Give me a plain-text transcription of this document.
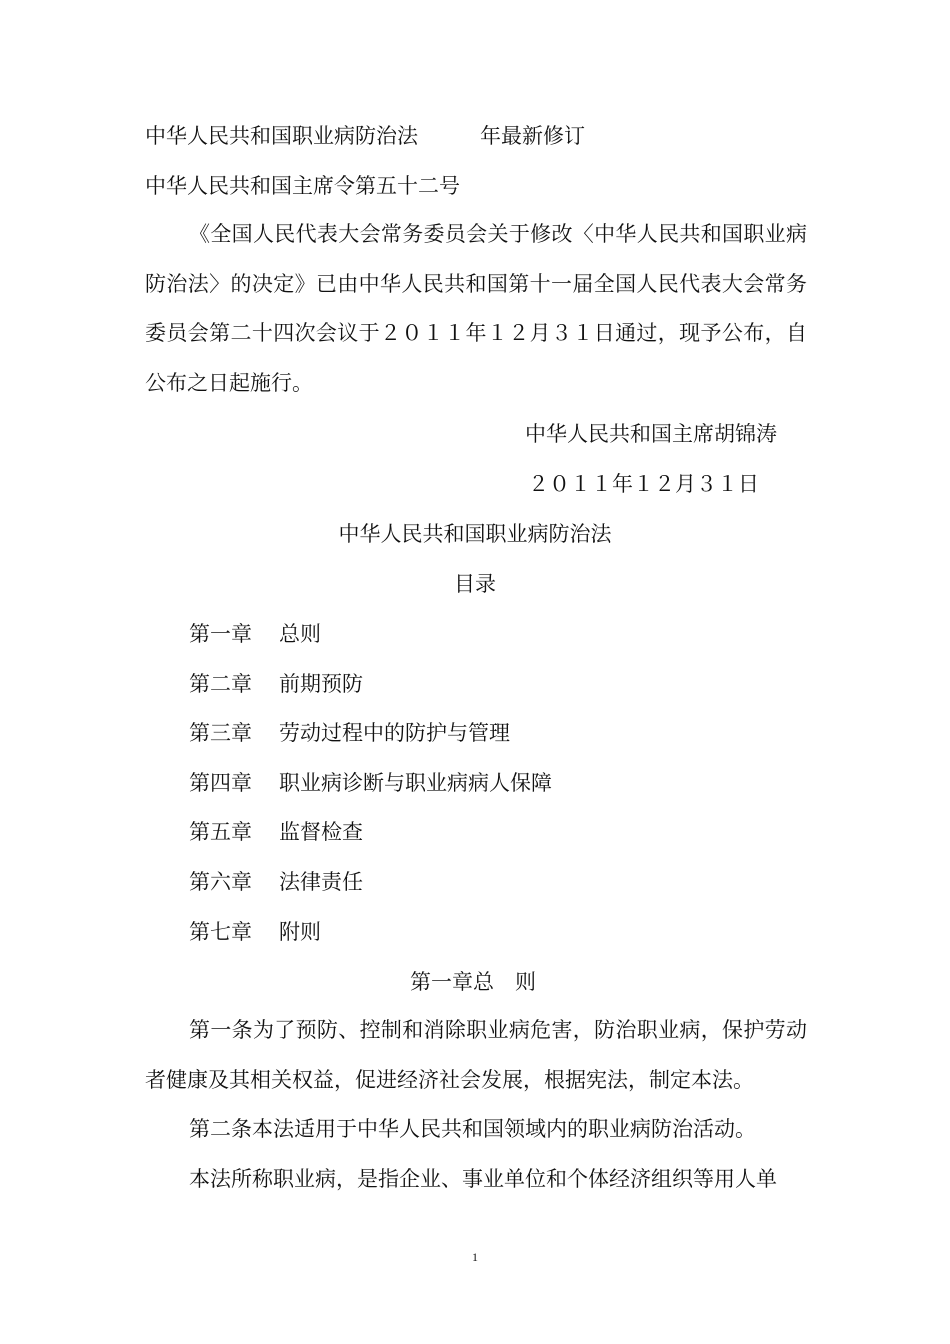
中华人民共和国职业病防治法	年最新修订
中华人民共和国主席令第五十二号

《全国人民代表大会常务委员会关于修改〈中华人民共和国职业病防治法〉的决定》已由中华人民共和国第十一届全国人民代表大会常务委员会第二十四次会议于２０１１年１２月３１日通过，现予公布，自公布之日起施行。

中华人民共和国主席胡锦涛
２０１１年１２月３１日
中华人民共和国职业病防治法
目录
第一章 总则
第二章 前期预防
第三章 劳动过程中的防护与管理
第四章 职业病诊断与职业病病人保障
第五章 监督检查
第六章 法律责任
第七章 附则
第一章总　则

第一条为了预防、控制和消除职业病危害，防治职业病，保护劳动者健康及其相关权益，促进经济社会发展，根据宪法，制定本法。

第二条本法适用于中华人民共和国领域内的职业病防治活动。

本法所称职业病，是指企业、事业单位和个体经济组织等用人单

1
